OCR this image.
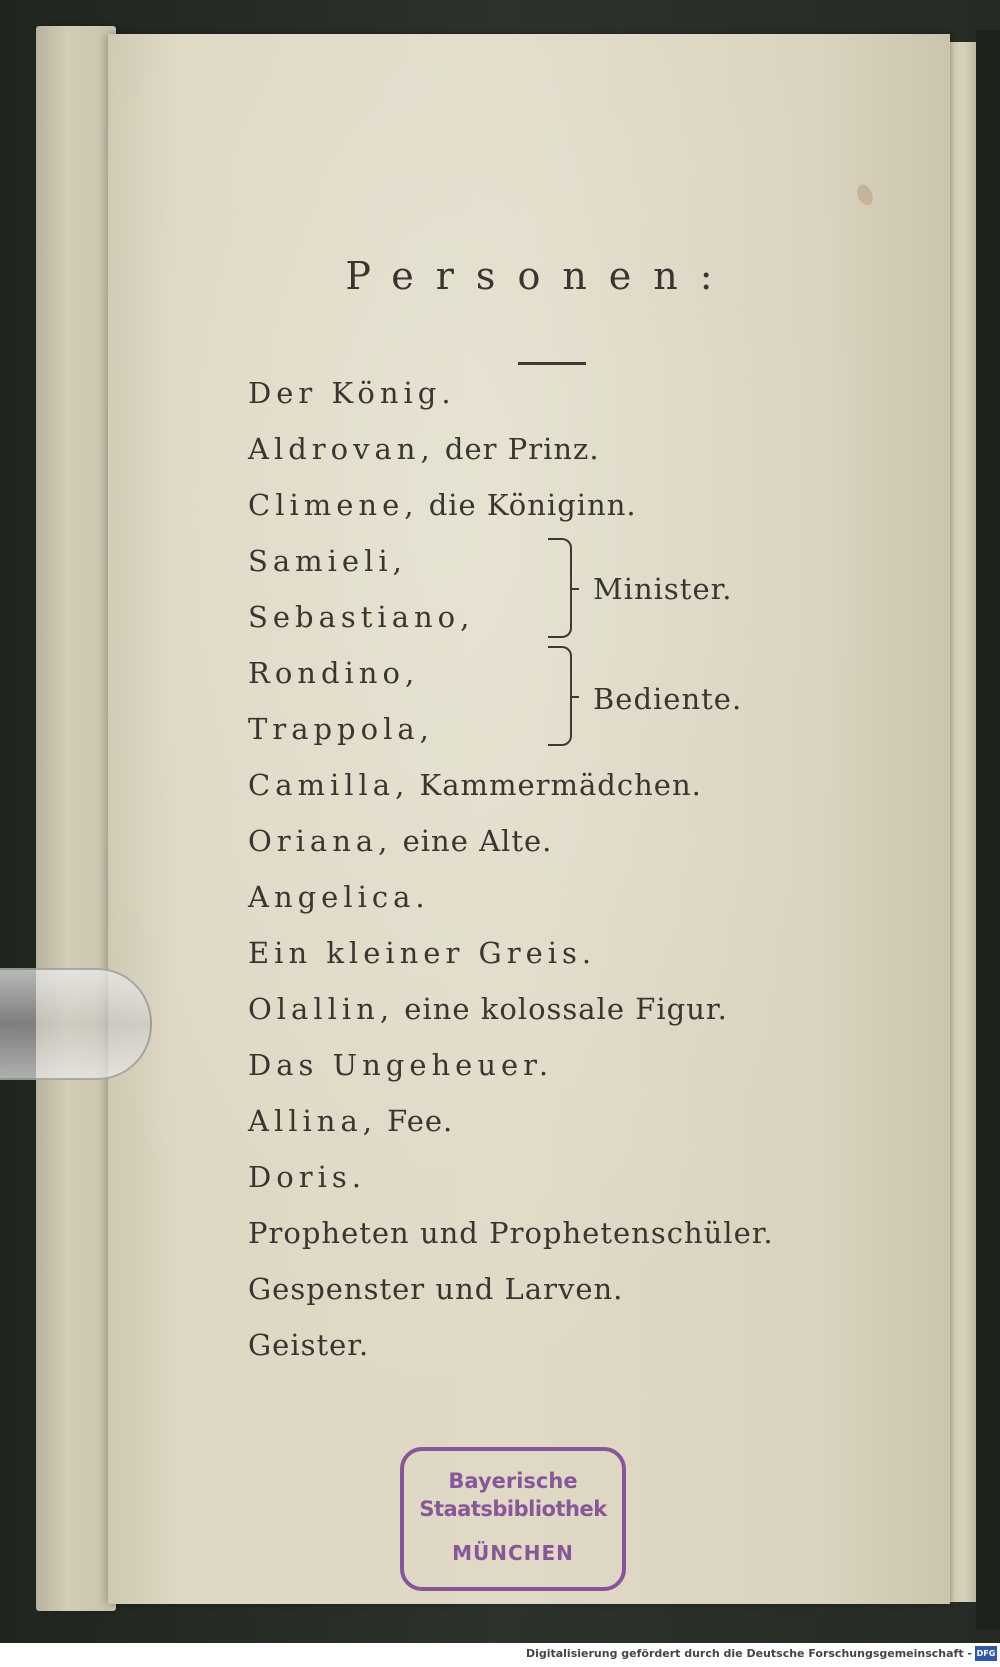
Personen:
Der König.
Aldrovan, der Prinz.
Climene, die Königinn.
Samieli,
Sebastiano,
Minister.
Rondino,
Trappola,
Bediente.
Camilla, Kammermädchen.
Oriana, eine Alte.
Angelica.
Ein kleiner Greis.
Olallin, eine kolossale Figur.
Das Ungeheuer.
Allina, Fee.
Doris.
Propheten und Prophetenschüler.
Gespenster und Larven.
Geister.
Bayerische
Staatsbibliothek
MÜNCHEN
Digitalisierung gefördert durch die Deutsche Forschungsgemeinschaft - DFG
